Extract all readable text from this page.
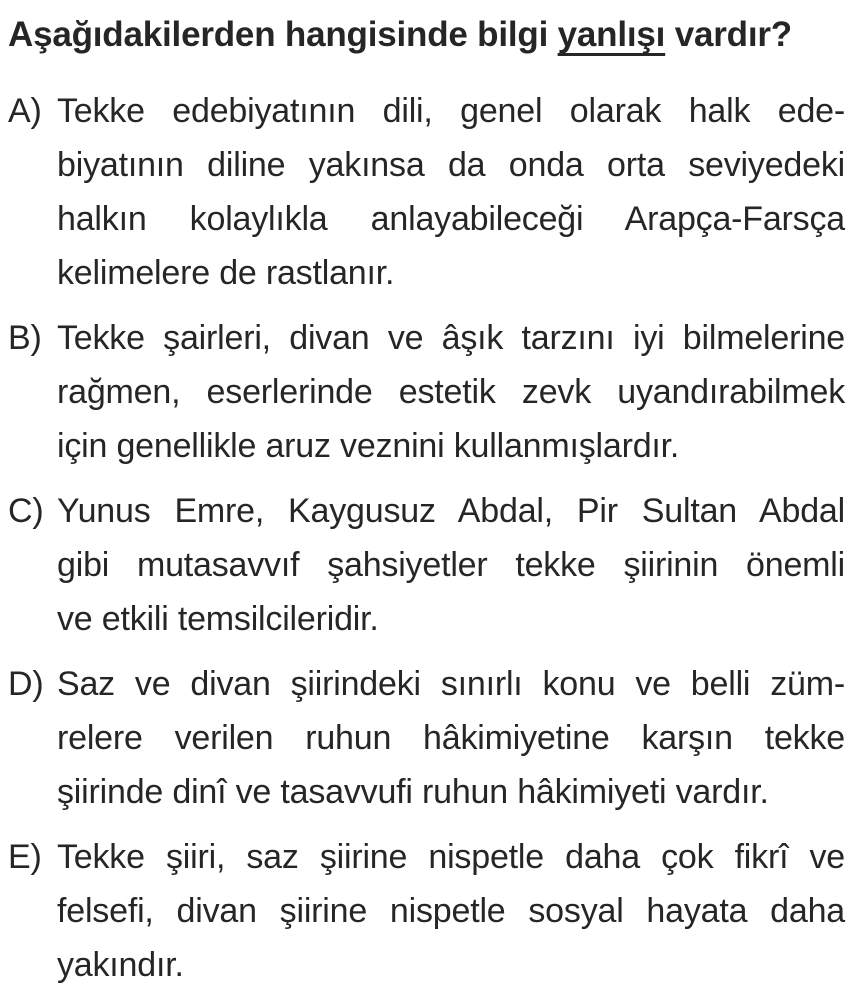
Aşağıdakilerden hangisinde bilgi yanlışı vardır?
A) Tekke edebiyatının dili, genel olarak halk ede-
biyatının diline yakınsa da onda orta seviyedeki
halkın kolaylıkla anlayabileceği Arapça-Farsça
kelimelere de rastlanır.
B) Tekke şairleri, divan ve âşık tarzını iyi bilmelerine
rağmen, eserlerinde estetik zevk uyandırabilmek
için genellikle aruz veznini kullanmışlardır.
C) Yunus Emre, Kaygusuz Abdal, Pir Sultan Abdal
gibi mutasavvıf şahsiyetler tekke şiirinin önemli
ve etkili temsilcileridir.
D) Saz ve divan şiirindeki sınırlı konu ve belli züm-
relere verilen ruhun hâkimiyetine karşın tekke
şiirinde dinî ve tasavvufi ruhun hâkimiyeti vardır.
E) Tekke şiiri, saz şiirine nispetle daha çok fikrî ve
felsefi, divan şiirine nispetle sosyal hayata daha
yakındır.
